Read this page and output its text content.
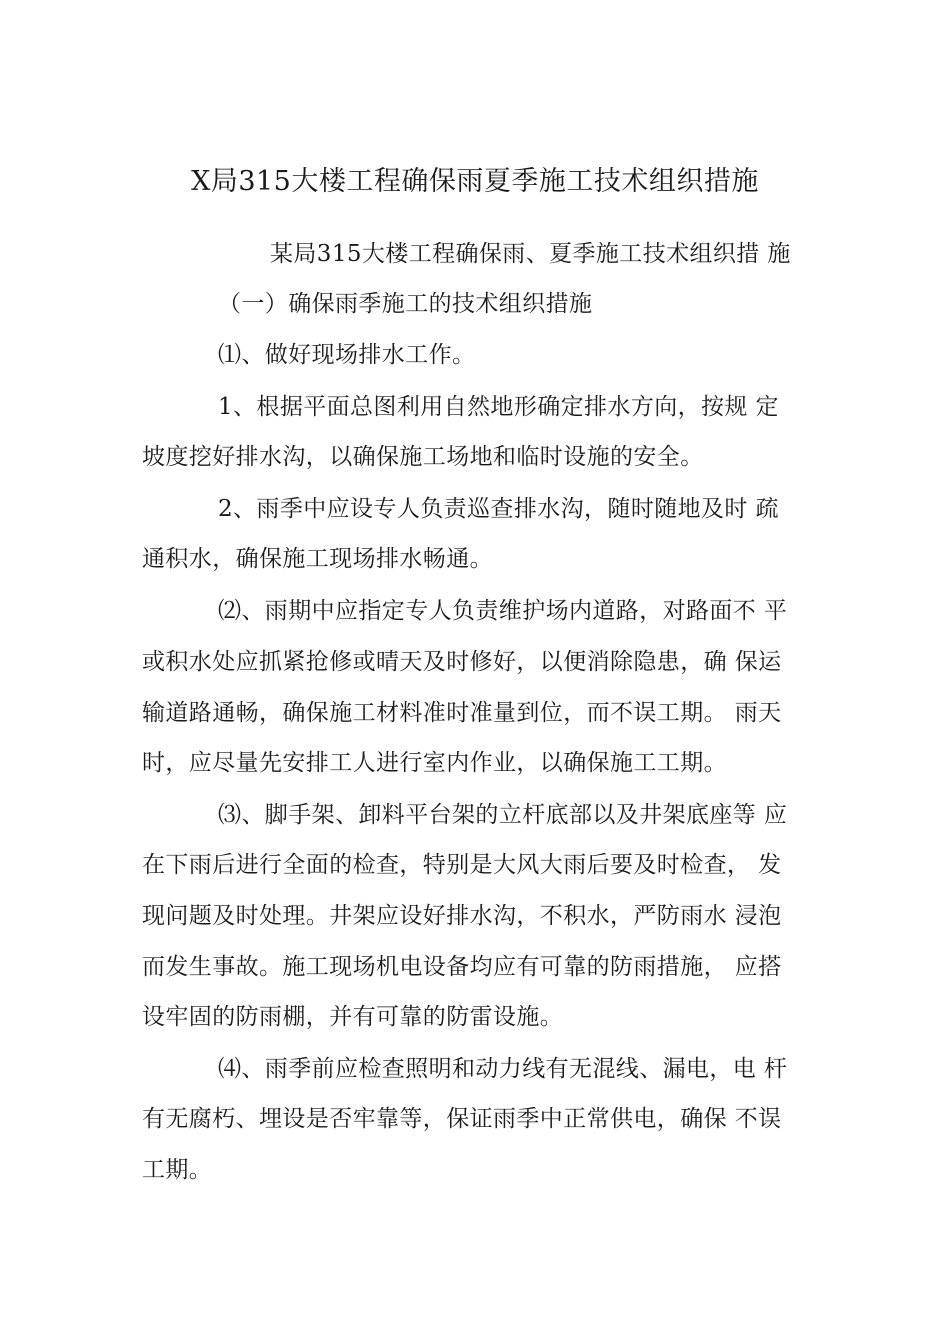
X局315大楼工程确保雨夏季施工技术组织措施
某局315大楼工程确保雨、夏季施工技术组织措 施
（一）确保雨季施工的技术组织措施
⑴、做好现场排水工作。
1、根据平面总图利用自然地形确定排水方向，按规 定
坡度挖好排水沟，以确保施工场地和临时设施的安全。
2、雨季中应设专人负责巡查排水沟，随时随地及时 疏
通积水，确保施工现场排水畅通。
⑵、雨期中应指定专人负责维护场内道路，对路面不 平
或积水处应抓紧抢修或晴天及时修好，以便消除隐患，确 保运
输道路通畅，确保施工材料准时准量到位，而不误工期。 雨天
时，应尽量先安排工人进行室内作业，以确保施工工期。
⑶、脚手架、卸料平台架的立杆底部以及井架底座等 应
在下雨后进行全面的检查，特别是大风大雨后要及时检查， 发
现问题及时处理。井架应设好排水沟，不积水，严防雨水 浸泡
而发生事故。施工现场机电设备均应有可靠的防雨措施， 应搭
设牢固的防雨棚，并有可靠的防雷设施。
⑷、雨季前应检查照明和动力线有无混线、漏电，电 杆
有无腐朽、埋设是否牢靠等，保证雨季中正常供电，确保 不误
工期。
